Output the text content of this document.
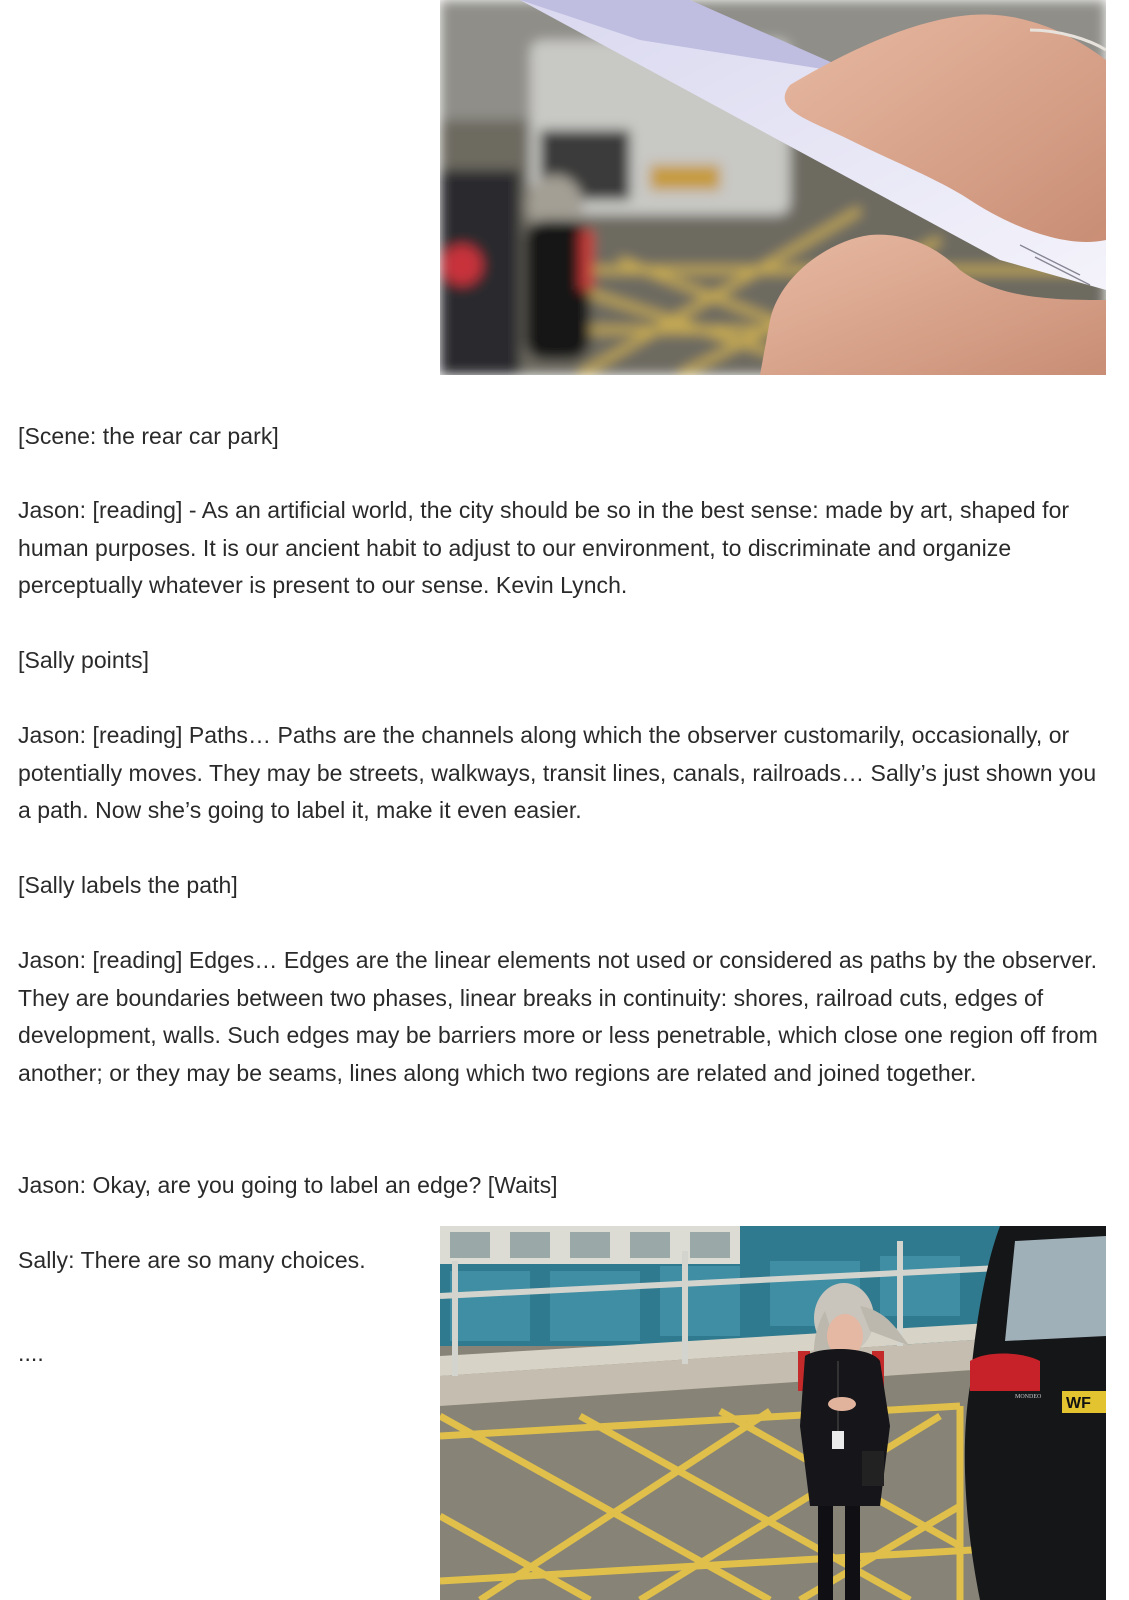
[Scene: the rear car park]

Jason: [reading] - As an artificial world, the city should be so in the best sense: made by art, shaped for human purposes. It is our ancient habit to adjust to our environment, to discriminate and organize perceptually whatever is present to our sense. Kevin Lynch.

[Sally points]

Jason: [reading] Paths… Paths are the channels along which the observer customarily, occasionally, or potentially moves. They may be streets, walkways, transit lines, canals, railroads… Sally’s just shown you a path. Now she’s going to label it, make it even easier.

[Sally labels the path]

Jason: [reading] Edges… Edges are the linear elements not used or considered as paths by the observer. They are boundaries between two phases, linear breaks in continuity: shores, railroad cuts, edges of development, walls. Such edges may be barriers more or less penetrable, which close one region off from another; or they may be seams, lines along which two regions are related and joined together.

Jason: Okay, are you going to label an edge? [Waits]

Sally: There are so many choices.

....

WF
MONDEO
